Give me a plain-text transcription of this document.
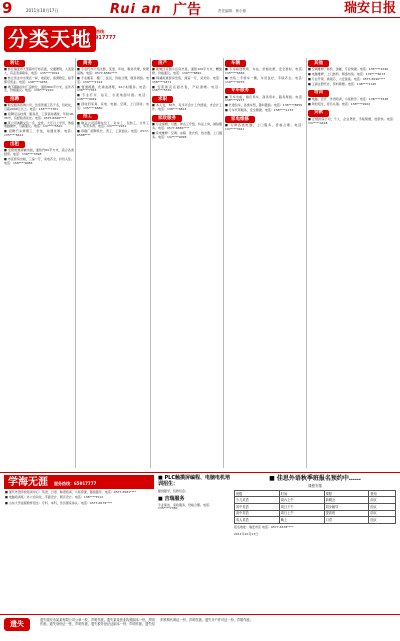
9	2011年10月17日	Rui an 广告	责任编辑：林小蓉	瑞安日报
分类天地
服务热线：
65917777
转让

■ 转让瑞安市大型超市专柜店面，交通便利，人流量大，有意者请联系，电话：135****0012

■ 转让营业中水果店一间，地段好，客源稳定，接手即可营业。电话：138****4456

■ 塘下镇韩田村厂房转让，面积800平方米，证件齐全，价格面议。电话：139****2210

招聘

■ 航空服务咨询公司，急需普通工若干名，包吃住，月薪2000元以上。电话：138****7781

■ 招聘足浴技师、服务员，工资高待遇优，年龄18-35岁，有经验者优先。电话：0577-6566****

■ 某公司诚聘文员一名，女性，大专以上学历，熟练电脑操作，月薪面议。电话：137****5520

■ 招聘汽车修理工、学徒，待遇优厚。电话：135****6612

出租

■ 安阳街道商铺出租，面积约60平方米，适合各类经营。电话：136****3398

■ 市区套房出租，三室一厅，家电齐全，拎包入住。电话：158****0086

商务

■ 专业代办公司注册、变更、年检，税务代理，快捷高效。电话：0577-6580****

■ 专业搬家、搬厂、货运，价格合理，服务周到。电话：139****1124

■ 管道疏通、化粪池清理，24小时服务。电话：136****7763

■ 专业打井、钻孔、水泥地面切割。电话：138****0049

■ 回收旧家具、家电、电脑、空调，上门回收。电话：135****6680

招工

■ 鞋业公司招聘车位工、针车工、包装工，计件工资，多劳多得。电话：137****2231

■ 印刷厂招聘机长、普工，工资面议。电话：0577-6588****

房产

■ 新城区花园小区房出售，面积120平方米，精装修，价格面议。电话：139****8820

■ 锦湖街道套房急售，两室一厅，采光好。电话：158****4471

■ 安阳新区店面出售，产权清晰。电话：136****5530

求职

■ 本人女，30岁，有多年会计工作经验，求会计工作。电话：138****6614

家政服务

■ 专业保姆、月嫂、钟点工介绍，持证上岗，诚信服务。电话：0577-6586****

■ 家电维修：空调、冰箱、洗衣机、热水器，上门服务。电话：137****0098

车辆

■ 专车接送机场、车站，价格优惠，安全准时。电话：135****5566

■ 出售二手轿车一辆，车况良好，手续齐全。电话：139****0076

专车服务

■ 专车出租，婚庆用车、商务用车，服务周到。电话：138****2277

■ 长途包车，各类车型，随叫随到。电话：136****8855

■ 专车代驾服务，安全便捷。电话：158****1133

家电维修

■ 专修各类电器，上门服务，价格合理。电话：137****3321

其他

■ 空调维修、移机、加氟，专业快捷。电话：135****2290

■ 电脑维修、上门装机、网络布线。电话：139****6673

■ 专业开锁、换锁芯，公安备案。电话：0577-6590****

■ 工商注册代办，资料简便。电话：138****1145

培训

■ 电脑、会计、外语培训，小班教学。电话：136****3348

■ 驾校招生，报名从速。电话：158****9902

贷款

■ 正规担保公司，个人、企业贷款，手续简便，放款快。电话：137****4418

学海无涯 服务热线：65917777

■ 现代外语学校培训中心：英语、日语、韩语培训，小班授课，随到随学。电话：0577-6581****

■ 电脑培训班：办公自动化、平面设计、网页设计。电话：138****5512

■ 山东大学远程教育招生：专科、本科，学历国家承认。电话：0577-6579****

■ PLC触摸屏编程、电脑电机培训招生：

随到随学，包教包会。

■ 吉瑞服务

专业保洁、家政服务，价格合理。电话：135****7780

■ 佳思外语秋季班报名预约中……
课程安排
班级	时间	课程	费用
少儿英语	周六上午	新概念	面议
初中英语	周日下午	同步辅导	面议
高中英语	周日上午	提高班	面议
成人英语	晚上	口语	面议
报名地址：瑞安市区 电话：0577-6578****
2011年10月17日
遗失	遗失瑞安市某某有限公司公章一枚，声明作废。遗失某某营业执照副本一份，声明作废。遗失身份证一张，声明作废。遗失税务登记证副本一份，声明作废。遗失组织机构代码证一份，声明作废。遗失开户许可证一份，声明作废。
